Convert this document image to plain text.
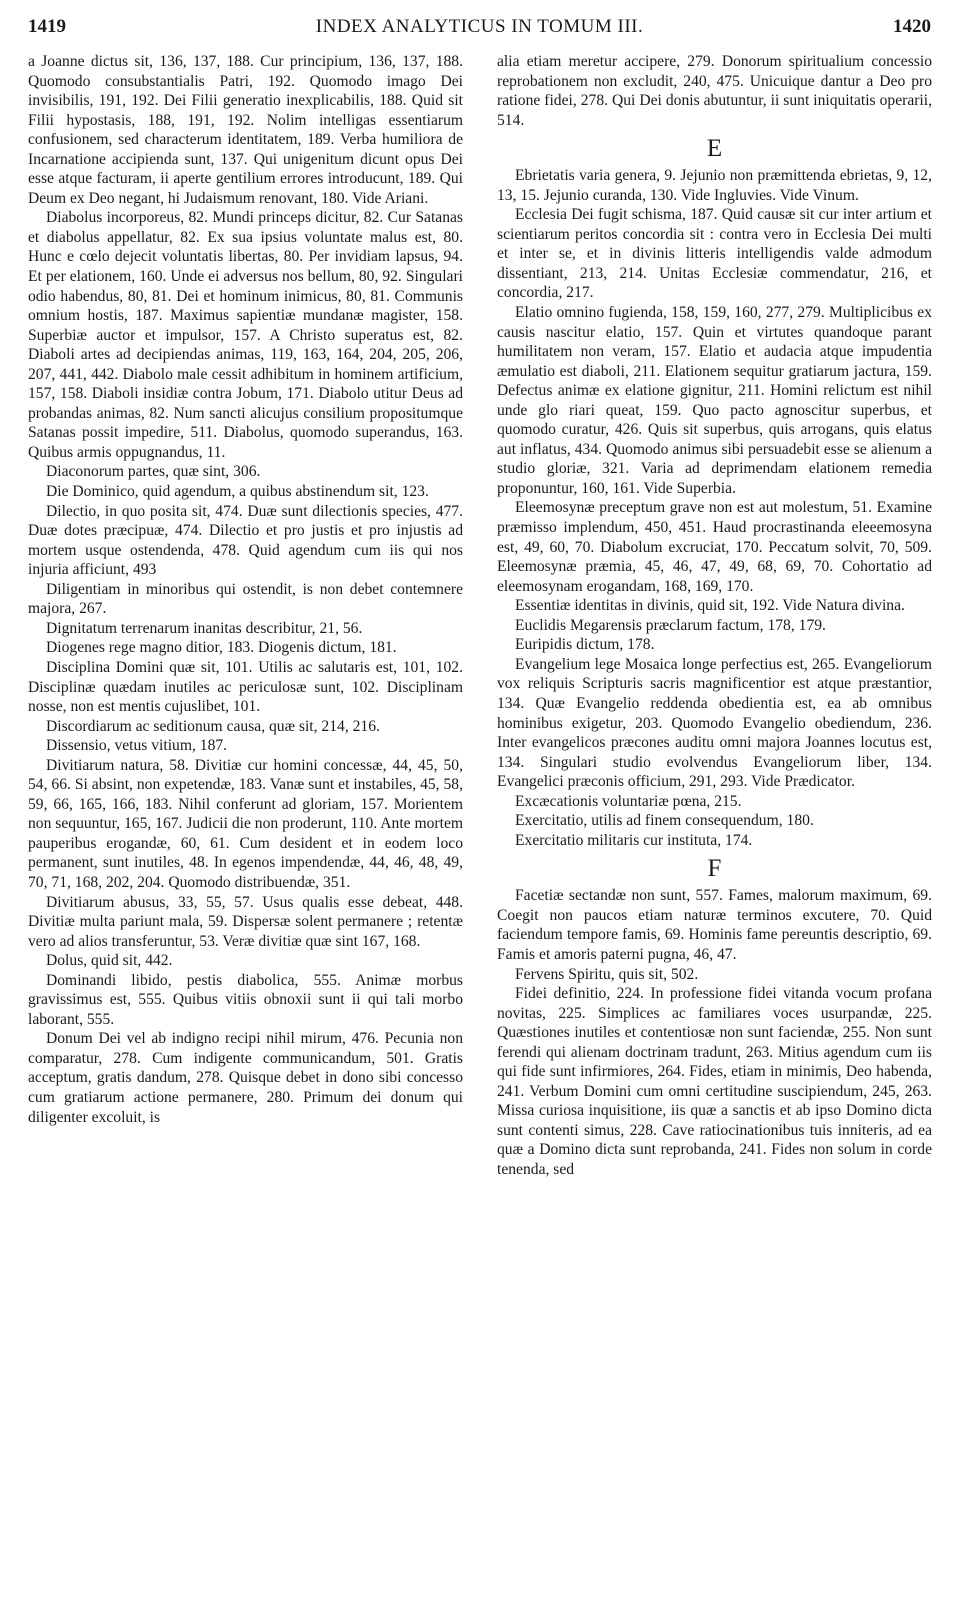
1419	INDEX ANALYTICUS IN TOMUM III.	1420

a Joanne dictus sit, 136, 137, 188. Cur principium, 136, 137, 188. Quomodo consubstantialis Patri, 192. Quomodo imago Dei invisibilis, 191, 192. Dei Filii generatio inexplicabilis, 188. Quid sit Filii hypostasis, 188, 191, 192. Nolim intelligas essentiarum confusionem, sed characterum identitatem, 189. Verba humiliora de Incarnatione accipienda sunt, 137. Qui unigenitum dicunt opus Dei esse atque facturam, ii aperte gentilium errores introducunt, 189. Qui Deum ex Deo negant, hi Judaismum renovant, 180. Vide Ariani.

Diabolus incorporeus, 82. Mundi princeps dicitur, 82. Cur Satanas et diabolus appellatur, 82. Ex sua ipsius voluntate malus est, 80. Hunc e cœlo dejecit voluntatis libertas, 80. Per invidiam lapsus, 94. Et per elationem, 160. Unde ei adversus nos bellum, 80, 92. Singulari odio habendus, 80, 81. Dei et hominum inimicus, 80, 81. Communis omnium hostis, 187. Maximus sapientiæ mundanæ magister, 158. Superbiæ auctor et impulsor, 157. A Christo superatus est, 82. Diaboli artes ad decipiendas animas, 119, 163, 164, 204, 205, 206, 207, 441, 442. Diabolo male cessit adhibitum in hominem artificium, 157, 158. Diaboli insidiæ contra Jobum, 171. Diabolo utitur Deus ad probandas animas, 82. Num sancti alicujus consilium propositumque Satanas possit impedire, 511. Diabolus, quomodo superandus, 163. Quibus armis oppugnandus, 11.

Diaconorum partes, quæ sint, 306.

Die Dominico, quid agendum, a quibus abstinendum sit, 123.

Dilectio, in quo posita sit, 474. Duæ sunt dilectionis species, 477. Duæ dotes præcipuæ, 474. Dilectio et pro justis et pro injustis ad mortem usque ostendenda, 478. Quid agendum cum iis qui nos injuria afficiunt, 493

Diligentiam in minoribus qui ostendit, is non debet contemnere majora, 267.

Dignitatum terrenarum inanitas describitur, 21, 56.

Diogenes rege magno ditior, 183. Diogenis dictum, 181.

Disciplina Domini quæ sit, 101. Utilis ac salutaris est, 101, 102. Disciplinæ quædam inutiles ac periculosæ sunt, 102. Disciplinam nosse, non est mentis cujuslibet, 101.

Discordiarum ac seditionum causa, quæ sit, 214, 216.

Dissensio, vetus vitium, 187.

Divitiarum natura, 58. Divitiæ cur homini concessæ, 44, 45, 50, 54, 66. Si absint, non expetendæ, 183. Vanæ sunt et instabiles, 45, 58, 59, 66, 165, 166, 183. Nihil conferunt ad gloriam, 157. Morientem non sequuntur, 165, 167. Judicii die non proderunt, 110. Ante mortem pauperibus erogandæ, 60, 61. Cum desident et in eodem loco permanent, sunt inutiles, 48. In egenos impendendæ, 44, 46, 48, 49, 70, 71, 168, 202, 204. Quomodo distribuendæ, 351.

Divitiarum abusus, 33, 55, 57. Usus qualis esse debeat, 448. Divitiæ multa pariunt mala, 59. Dispersæ solent permanere ; retentæ vero ad alios transferuntur, 53. Veræ divitiæ quæ sint 167, 168.

Dolus, quid sit, 442.

Dominandi libido, pestis diabolica, 555. Animæ morbus gravissimus est, 555. Quibus vitiis obnoxii sunt ii qui tali morbo laborant, 555.

Donum Dei vel ab indigno recipi nihil mirum, 476. Pecunia non comparatur, 278. Cum indigente communicandum, 501. Gratis acceptum, gratis dandum, 278. Quisque debet in dono sibi concesso cum gratiarum actione permanere, 280. Primum dei donum qui diligenter excoluit, is

alia etiam meretur accipere, 279. Donorum spiritualium concessio reprobationem non excludit, 240, 475. Unicuique dantur a Deo pro ratione fidei, 278. Qui Dei donis abutuntur, ii sunt iniquitatis operarii, 514.

E

Ebrietatis varia genera, 9. Jejunio non præmittenda ebrietas, 9, 12, 13, 15. Jejunio curanda, 130. Vide Ingluvies. Vide Vinum.

Ecclesia Dei fugit schisma, 187. Quid causæ sit cur inter artium et scientiarum peritos concordia sit : contra vero in Ecclesia Dei multi et inter se, et in divinis litteris intelligendis valde admodum dissentiant, 213, 214. Unitas Ecclesiæ commendatur, 216, et concordia, 217.

Elatio omnino fugienda, 158, 159, 160, 277, 279. Multiplicibus ex causis nascitur elatio, 157. Quin et virtutes quandoque parant humilitatem non veram, 157. Elatio et audacia atque impudentia æmulatio est diaboli, 211. Elationem sequitur gratiarum jactura, 159. Defectus animæ ex elatione gignitur, 211. Homini relictum est nihil unde glo riari queat, 159. Quo pacto agnoscitur superbus, et quomodo curatur, 426. Quis sit superbus, quis arrogans, quis elatus aut inflatus, 434. Quomodo animus sibi persuadebit esse se alienum a studio gloriæ, 321. Varia ad deprimendam elationem remedia proponuntur, 160, 161. Vide Superbia.

Eleemosynæ preceptum grave non est aut molestum, 51. Examine præmisso implendum, 450, 451. Haud procrastinanda eleeemosyna est, 49, 60, 70. Diabolum excruciat, 170. Peccatum solvit, 70, 509. Eleemosynæ præmia, 45, 46, 47, 49, 68, 69, 70. Cohortatio ad eleemosynam erogandam, 168, 169, 170.

Essentiæ identitas in divinis, quid sit, 192. Vide Natura divina.

Euclidis Megarensis præclarum factum, 178, 179.

Euripidis dictum, 178.

Evangelium lege Mosaica longe perfectius est, 265. Evangeliorum vox reliquis Scripturis sacris magnificentior est atque præstantior, 134. Quæ Evangelio reddenda obedientia est, ea ab omnibus hominibus exigetur, 203. Quomodo Evangelio obediendum, 236. Inter evangelicos præcones auditu omni majora Joannes locutus est, 134. Singulari studio evolvendus Evangeliorum liber, 134. Evangelici præconis officium, 291, 293. Vide Prædicator.

Excæcationis voluntariæ pœna, 215.

Exercitatio, utilis ad finem consequendum, 180.

Exercitatio militaris cur instituta, 174.

F

Facetiæ sectandæ non sunt, 557. Fames, malorum maximum, 69. Coegit non paucos etiam naturæ terminos excutere, 70. Quid faciendum tempore famis, 69. Hominis fame pereuntis descriptio, 69. Famis et amoris paterni pugna, 46, 47.

Fervens Spiritu, quis sit, 502.

Fidei definitio, 224. In professione fidei vitanda vocum profana novitas, 225. Simplices ac familiares voces usurpandæ, 225. Quæstiones inutiles et contentiosæ non sunt faciendæ, 255. Non sunt ferendi qui alienam doctrinam tradunt, 263. Mitius agendum cum iis qui fide sunt infirmiores, 264. Fides, etiam in minimis, Deo habenda, 241. Verbum Domini cum omni certitudine suscipiendum, 245, 263. Missa curiosa inquisitione, iis quæ a sanctis et ab ipso Domino dicta sunt contenti simus, 228. Cave ratiocinationibus tuis inniteris, ad ea quæ a Domino dicta sunt reprobanda, 241. Fides non solum in corde tenenda, sed
